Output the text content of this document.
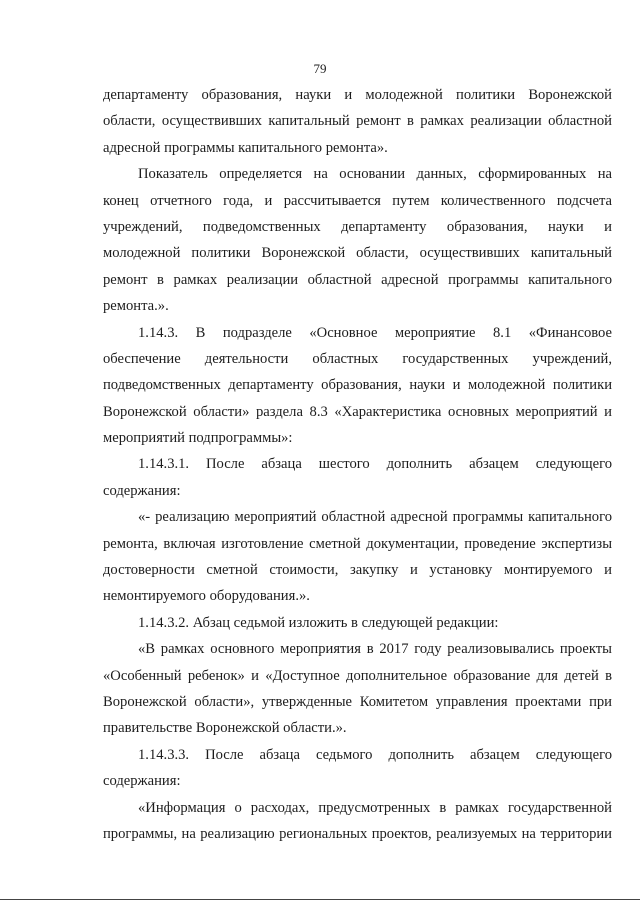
79
департаменту образования, науки и молодежной политики Воронежской
области, осуществивших капитальный ремонт в рамках реализации областной
адресной программы капитального ремонта».
Показатель определяется на основании данных, сформированных на
конец отчетного года, и рассчитывается путем количественного подсчета
учреждений, подведомственных департаменту образования, науки и
молодежной политики Воронежской области, осуществивших капитальный
ремонт в рамках реализации областной адресной программы капитального
ремонта.».
1.14.3. В подразделе «Основное мероприятие 8.1 «Финансовое
обеспечение деятельности областных государственных учреждений,
подведомственных департаменту образования, науки и молодежной политики
Воронежской области» раздела 8.3 «Характеристика основных мероприятий и
мероприятий подпрограммы»:
1.14.3.1. После абзаца шестого дополнить абзацем следующего
содержания:
«- реализацию мероприятий областной адресной программы капитального
ремонта, включая изготовление сметной документации, проведение экспертизы
достоверности сметной стоимости, закупку и установку монтируемого и
немонтируемого оборудования.».
1.14.3.2. Абзац седьмой изложить в следующей редакции:
«В рамках основного мероприятия в 2017 году реализовывались проекты
«Особенный ребенок» и «Доступное дополнительное образование для детей в
Воронежской области», утвержденные Комитетом управления проектами при
правительстве Воронежской области.».
1.14.3.3. После абзаца седьмого дополнить абзацем следующего
содержания:
«Информация о расходах, предусмотренных в рамках государственной
программы, на реализацию региональных проектов, реализуемых на территории
